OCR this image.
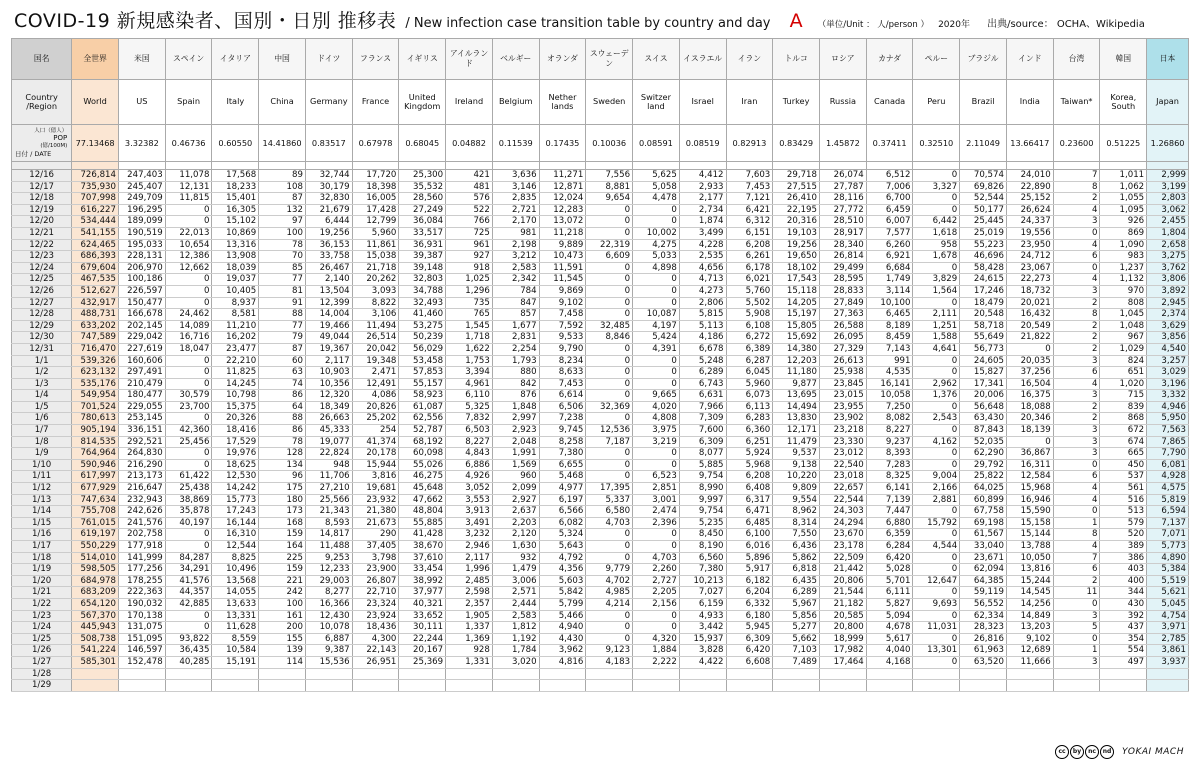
COVID-19 新規感染者、国別・日別 推移表 / New infection case transition table by country and day A （単位/Unit ： 人/person ） 2020年 出典/source： OCHA、Wikipedia
国名	全世界	米国	スペイン	イタリア	中国	ドイツ	フランス	イギリス	アイルランド	ベルギー	オランダ	スウェーデン	スイス	イスラエル	イラン	トルコ	ロシア	カナダ	ペルー	ブラジル	インド	台湾	韓国	日本
Country /Region	World	US	Spain	Italy	China	Germany	France	United Kingdom	Ireland	Belgium	Nether lands	Sweden	Switzer land	Israel	Iran	Turkey	Russia	Canada	Peru	Brazil	India	Taiwan*	Korea, South	Japan

人口（億人）
POP
(億/100M)
日付 / DATE	77.13468	3.32382	0.46736	0.60550	14.41860	0.83517	0.67978	0.68045	0.04882	0.11539	0.17435	0.10036	0.08591	0.08519	0.82913	0.83429	1.45872	0.37411	0.32510	2.11049	13.66417	0.23600	0.51225	1.26860

12/16	726,814	247,403	11,078	17,568	89	32,744	17,720	25,300	421	3,636	11,271	7,556	5,625	4,412	7,603	29,718	26,074	6,512	0	70,574	24,010	7	1,011	2,999
12/17	735,930	245,407	12,131	18,233	108	30,179	18,398	35,532	481	3,146	12,871	8,881	5,058	2,933	7,453	27,515	27,787	7,006	3,327	69,826	22,890	8	1,062	3,199
12/18	707,998	249,709	11,815	15,401	87	32,830	16,005	28,560	576	2,835	12,024	9,654	4,478	2,177	7,121	26,410	28,116	6,700	0	52,544	25,152	2	1,055	2,803
12/19	616,227	196,295	0	16,305	132	21,679	17,428	27,249	522	2,721	12,283	0	0	2,734	6,421	22,195	27,772	6,459	0	50,177	26,624	4	1,095	3,062
12/20	534,444	189,099	0	15,102	97	6,444	12,799	36,084	766	2,170	13,072	0	0	1,874	6,312	20,316	28,510	6,007	6,442	25,445	24,337	3	926	2,455
12/21	541,155	190,519	22,013	10,869	100	19,256	5,960	33,517	725	981	11,218	0	10,002	3,499	6,151	19,103	28,917	7,577	1,618	25,019	19,556	0	869	1,804
12/22	624,465	195,033	10,654	13,316	78	36,153	11,861	36,931	961	2,198	9,889	22,319	4,275	4,228	6,208	19,256	28,340	6,260	958	55,223	23,950	4	1,090	2,658
12/23	686,393	228,131	12,386	13,908	70	33,758	15,038	39,387	927	3,212	10,473	6,609	5,033	2,535	6,261	19,650	26,814	6,921	1,678	46,696	24,712	6	983	3,275
12/24	679,604	206,970	12,662	18,039	85	26,467	21,718	39,148	918	2,583	11,591	0	4,898	4,656	6,178	18,102	29,499	6,684	0	58,428	23,067	0	1,237	3,762
12/25	467,535	100,186	0	19,037	77	2,140	20,262	32,803	1,025	2,342	11,545	0	0	4,713	6,021	17,543	28,595	1,749	3,829	24,615	22,273	4	1,132	3,806
12/26	512,627	226,597	0	10,405	81	13,504	3,093	34,788	1,296	784	9,869	0	0	4,273	5,760	15,118	28,833	3,114	1,564	17,246	18,732	3	970	3,892
12/27	432,917	150,477	0	8,937	91	12,399	8,822	32,493	735	847	9,102	0	0	2,806	5,502	14,205	27,849	10,100	0	18,479	20,021	2	808	2,945
12/28	488,731	166,678	24,462	8,581	88	14,004	3,106	41,460	765	857	7,458	0	10,087	5,815	5,908	15,197	27,363	6,465	2,111	20,548	16,432	8	1,045	2,374
12/29	633,202	202,145	14,089	11,210	77	19,466	11,494	53,275	1,545	1,677	7,592	32,485	4,197	5,113	6,108	15,805	26,588	8,189	1,251	58,718	20,549	2	1,048	3,629
12/30	747,589	229,042	16,716	16,202	79	49,044	26,514	50,239	1,718	2,831	9,533	8,846	5,424	4,186	6,272	15,692	26,095	8,459	1,588	55,649	21,822	2	967	3,856
12/31	716,470	227,619	18,047	23,477	87	19,367	20,042	56,029	1,622	2,254	9,790	0	4,391	6,678	6,389	14,380	27,329	7,143	4,641	56,773	0	2	1,029	4,540
1/1	539,326	160,606	0	22,210	60	2,117	19,348	53,458	1,753	1,793	8,234	0	0	5,248	6,287	12,203	26,613	991	0	24,605	20,035	3	824	3,257
1/2	623,132	297,491	0	11,825	63	10,903	2,471	57,853	3,394	880	8,633	0	0	6,289	6,045	11,180	25,938	4,535	0	15,827	37,256	6	651	3,029
1/3	535,176	210,479	0	14,245	74	10,356	12,491	55,157	4,961	842	7,453	0	0	6,743	5,960	9,877	23,845	16,141	2,962	17,341	16,504	4	1,020	3,196
1/4	549,954	180,477	30,579	10,798	86	12,320	4,086	58,923	6,110	876	6,614	0	9,665	6,631	6,073	13,695	23,015	10,058	1,376	20,006	16,375	3	715	3,332
1/5	701,524	229,055	23,700	15,375	64	18,349	20,826	61,087	5,325	1,848	6,506	32,369	4,020	7,966	6,113	14,494	23,955	7,250	0	56,648	18,088	2	839	4,946
1/6	780,613	253,145	0	20,326	88	26,663	25,202	62,556	7,832	2,997	7,238	0	4,808	7,309	6,283	13,830	23,902	8,082	2,543	63,430	20,346	2	868	5,950
1/7	905,194	336,151	42,360	18,416	86	45,333	254	52,787	6,503	2,923	9,745	12,536	3,975	7,600	6,360	12,171	23,218	8,227	0	87,843	18,139	3	672	7,563
1/8	814,535	292,521	25,456	17,529	78	19,077	41,374	68,192	8,227	2,048	8,258	7,187	3,219	6,309	6,251	11,479	23,330	9,237	4,162	52,035	0	3	674	7,865
1/9	764,964	264,830	0	19,976	128	22,824	20,178	60,098	4,843	1,991	7,380	0	0	8,077	5,924	9,537	23,012	8,393	0	62,290	36,867	3	665	7,790
1/10	590,946	216,290	0	18,625	134	948	15,944	55,026	6,886	1,569	6,655	0	0	5,885	5,968	9,138	22,540	7,283	0	29,792	16,311	0	450	6,081
1/11	617,997	213,173	61,422	12,530	96	11,706	3,816	46,275	4,926	960	5,468	0	6,523	9,754	6,208	10,220	23,018	8,325	9,004	25,822	12,584	6	537	4,928
1/12	677,929	216,647	25,438	14,242	175	27,210	19,681	45,648	3,052	2,099	4,977	17,395	2,851	8,990	6,408	9,809	22,657	6,141	2,166	64,025	15,968	4	561	4,575
1/13	747,634	232,943	38,869	15,773	180	25,566	23,932	47,662	3,553	2,927	6,197	5,337	3,001	9,997	6,317	9,554	22,544	7,139	2,881	60,899	16,946	4	516	5,819
1/14	755,708	242,626	35,878	17,243	173	21,343	21,380	48,804	3,913	2,637	6,566	6,580	2,474	9,754	6,471	8,962	24,303	7,447	0	67,758	15,590	0	513	6,594
1/15	761,015	241,576	40,197	16,144	168	8,593	21,673	55,885	3,491	2,203	6,082	4,703	2,396	5,235	6,485	8,314	24,294	6,880	15,792	69,198	15,158	1	579	7,137
1/16	619,197	202,758	0	16,310	159	14,817	290	41,428	3,232	2,120	5,324	0	0	8,450	6,100	7,550	23,670	6,359	0	61,567	15,144	8	520	7,071
1/17	550,229	177,918	0	12,544	164	11,488	37,405	38,670	2,946	1,630	5,643	0	0	8,190	6,016	6,436	23,178	6,284	4,544	33,040	13,788	4	389	5,773
1/18	514,010	141,999	84,287	8,825	225	9,253	3,798	37,610	2,117	932	4,792	0	4,703	6,560	5,896	5,862	22,509	6,420	0	23,671	10,050	7	386	4,890
1/19	598,505	177,256	34,291	10,496	159	12,233	23,900	33,454	1,996	1,479	4,356	9,779	2,260	7,380	5,917	6,818	21,442	5,028	0	62,094	13,816	6	403	5,384
1/20	684,978	178,255	41,576	13,568	221	29,003	26,807	38,992	2,485	3,006	5,603	4,702	2,727	10,213	6,182	6,435	20,806	5,701	12,647	64,385	15,244	2	400	5,519
1/21	683,209	222,363	44,357	14,055	242	8,277	22,710	37,977	2,598	2,571	5,842	4,985	2,205	7,027	6,204	6,289	21,544	6,111	0	59,119	14,545	11	344	5,621
1/22	654,120	190,032	42,885	13,633	100	16,366	23,324	40,321	2,357	2,444	5,799	4,214	2,156	6,159	6,332	5,967	21,182	5,827	9,693	56,552	14,256	0	430	5,045
1/23	567,370	170,138	0	13,331	161	12,430	23,924	33,652	1,905	2,583	5,466	0	0	4,933	6,180	5,856	20,585	5,094	0	62,334	14,849	3	392	4,754
1/24	445,943	131,075	0	11,628	200	10,078	18,436	30,111	1,337	1,812	4,940	0	0	3,442	5,945	5,277	20,800	4,678	11,031	28,323	13,203	5	437	3,971
1/25	508,738	151,095	93,822	8,559	155	6,887	4,300	22,244	1,369	1,192	4,430	0	4,320	15,937	6,309	5,662	18,999	5,617	0	26,816	9,102	0	354	2,785
1/26	541,224	146,597	36,435	10,584	139	9,387	22,143	20,167	928	1,784	3,962	9,123	1,884	3,828	6,420	7,103	17,982	4,040	13,301	61,963	12,689	1	554	3,861
1/27	585,301	152,478	40,285	15,191	114	15,536	26,951	25,369	1,331	3,020	4,816	4,183	2,222	4,422	6,608	7,489	17,464	4,168	0	63,520	11,666	3	497	3,937
1/28																								
1/29																								
cc	by	nc	nd	YOKAI MACH
